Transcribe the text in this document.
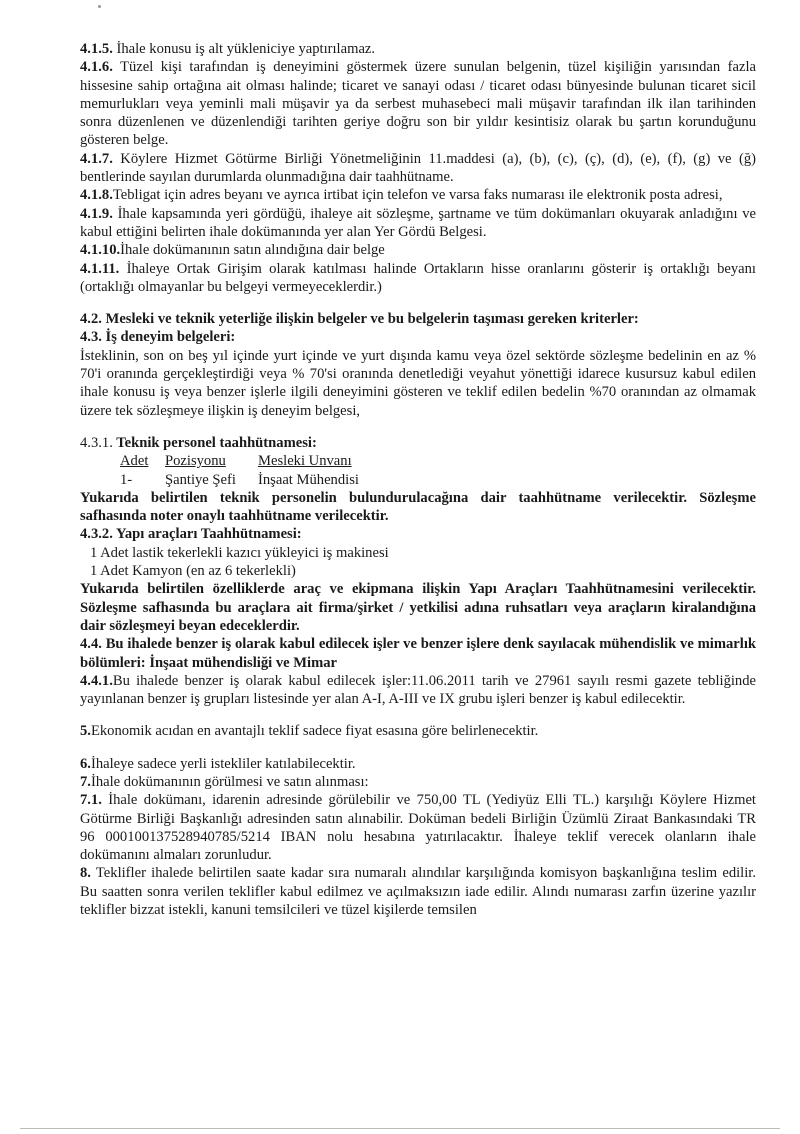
4.1.5. İhale konusu iş alt yükleniciye yaptırılamaz.

4.1.6. Tüzel kişi tarafından iş deneyimini göstermek üzere sunulan belgenin, tüzel kişiliğin yarısından fazla hissesine sahip ortağına ait olması halinde; ticaret ve sanayi odası / ticaret odası bünyesinde bulunan ticaret sicil memurlukları veya yeminli mali müşavir ya da serbest muhasebeci mali müşavir tarafından ilk ilan tarihinden sonra düzenlenen ve düzenlendiği tarihten geriye doğru son bir yıldır kesintisiz olarak bu şartın korunduğunu gösteren belge.

4.1.7. Köylere Hizmet Götürme Birliği Yönetmeliğinin 11.maddesi (a), (b), (c), (ç), (d), (e), (f), (g) ve (ğ) bentlerinde sayılan durumlarda olunmadığına dair taahhütname.

4.1.8.Tebligat için adres beyanı ve ayrıca irtibat için telefon ve varsa faks numarası ile elektronik posta adresi,

4.1.9. İhale kapsamında yeri gördüğü, ihaleye ait sözleşme, şartname ve tüm dokümanları okuyarak anladığını ve kabul ettiğini belirten ihale dokümanında yer alan Yer Gördü Belgesi.

4.1.10.İhale dokümanının satın alındığına dair belge

4.1.11. İhaleye Ortak Girişim olarak katılması halinde Ortakların hisse oranlarını gösterir iş ortaklığı beyanı (ortaklığı olmayanlar bu belgeyi vermeyeceklerdir.)

4.2. Mesleki ve teknik yeterliğe ilişkin belgeler ve bu belgelerin taşıması gereken kriterler:

4.3. İş deneyim belgeleri:

İsteklinin, son on beş yıl içinde yurt içinde ve yurt dışında kamu veya özel sektörde sözleşme bedelinin en az % 70'i oranında gerçekleştirdiği veya % 70'si oranında denetlediği veyahut yönettiği idarece kusursuz kabul edilen ihale konusu iş veya benzer işlerle ilgili deneyimini gösteren ve teklif edilen bedelin %70 oranından az olmamak üzere tek sözleşmeye ilişkin iş deneyim belgesi,

4.3.1. Teknik personel taahhütnamesi:

Adet	Pozisyonu	Mesleki Unvanı
1-	Şantiye Şefi	İnşaat Mühendisi

Yukarıda belirtilen teknik personelin bulundurulacağına dair taahhütname verilecektir. Sözleşme safhasında noter onaylı taahhütname verilecektir.

4.3.2. Yapı araçları Taahhütnamesi:

1 Adet lastik tekerlekli kazıcı yükleyici iş makinesi

1 Adet Kamyon (en az 6 tekerlekli)

Yukarıda belirtilen özelliklerde araç ve ekipmana ilişkin Yapı Araçları Taahhütnamesini verilecektir. Sözleşme safhasında bu araçlara ait firma/şirket / yetkilisi adına ruhsatları veya araçların kiralandığına dair sözleşmeyi beyan edeceklerdir.

4.4. Bu ihalede benzer iş olarak kabul edilecek işler ve benzer işlere denk sayılacak mühendislik ve mimarlık bölümleri: İnşaat mühendisliği ve Mimar

4.4.1.Bu ihalede benzer iş olarak kabul edilecek işler:11.06.2011 tarih ve 27961 sayılı resmi gazete tebliğinde yayınlanan benzer iş grupları listesinde yer alan A-I, A-III ve IX grubu işleri benzer iş kabul edilecektir.

5.Ekonomik acıdan en avantajlı teklif sadece fiyat esasına göre belirlenecektir.

6.İhaleye sadece yerli istekliler katılabilecektir.

7.İhale dokümanının görülmesi ve satın alınması:

7.1. İhale dokümanı, idarenin adresinde görülebilir ve 750,00 TL (Yediyüz Elli TL.) karşılığı Köylere Hizmet Götürme Birliği Başkanlığı adresinden satın alınabilir. Doküman bedeli Birliğin Üzümlü Ziraat Bankasındaki TR 96 000100137528940785/5214 IBAN nolu hesabına yatırılacaktır. İhaleye teklif verecek olanların ihale dokümanını almaları zorunludur.

8. Teklifler ihalede belirtilen saate kadar sıra numaralı alındılar karşılığında komisyon başkanlığına teslim edilir. Bu saatten sonra verilen teklifler kabul edilmez ve açılmaksızın iade edilir. Alındı numarası zarfın üzerine yazılır teklifler bizzat istekli, kanuni temsilcileri ve tüzel kişilerde temsilen
